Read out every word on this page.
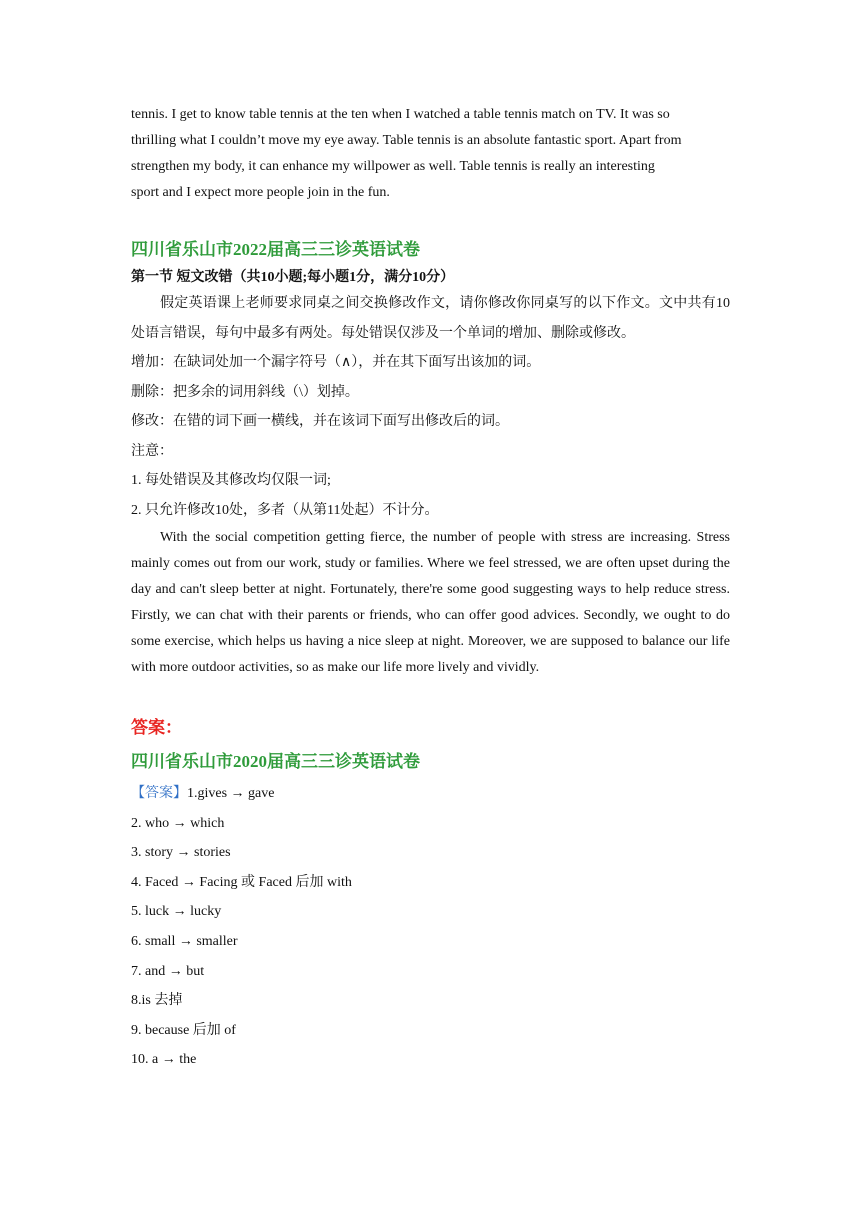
tennis. I get to know table tennis at the ten when I watched a table tennis match on TV. It was so

thrilling what I couldn’t move my eye away. Table tennis is an absolute fantastic sport. Apart from

strengthen my body, it can enhance my willpower as well. Table tennis is really an interesting

sport and I expect more people join in the fun.

四川省乐山市2022届高三三诊英语试卷
第一节 短文改错（共10小题;每小题1分，满分10分）

假定英语课上老师要求同桌之间交换修改作文，请你修改你同桌写的以下作文。文中共有10处语言错误，每句中最多有两处。每处错误仅涉及一个单词的增加、删除或修改。

增加：在缺词处加一个漏字符号（∧），并在其下面写出该加的词。

删除：把多余的词用斜线（\）划掉。

修改：在错的词下画一横线，并在该词下面写出修改后的词。

注意：

1. 每处错误及其修改均仅限一词;

2. 只允许修改10处，多者（从第11处起）不计分。

With the social competition getting fierce, the number of people with stress are increasing. Stress mainly comes out from our work, study or families. Where we feel stressed, we are often upset during the day and can't sleep better at night. Fortunately, there're some good suggesting ways to help reduce stress. Firstly, we can chat with their parents or friends, who can offer good advices. Secondly, we ought to do some exercise, which helps us having a nice sleep at night. Moreover, we are supposed to balance our life with more outdoor activities, so as make our life more lively and vividly.

答案：
四川省乐山市2020届高三三诊英语试卷

【答案】1.gives → gave

2. who → which

3. story → stories

4. Faced → Facing 或 Faced 后加 with

5. luck → lucky

6. small → smaller

7. and → but

8.is 去掉

9. because 后加 of

10. a → the
